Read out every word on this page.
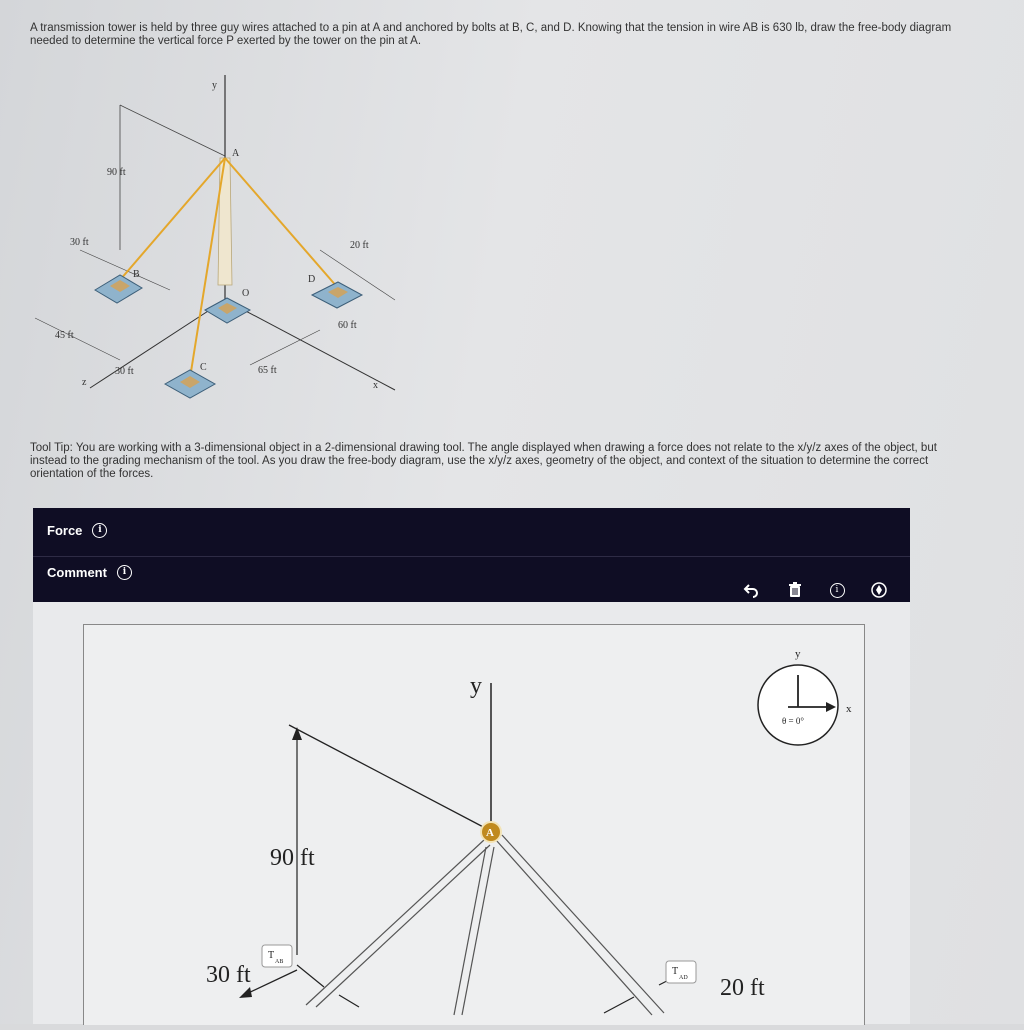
A transmission tower is held by three guy wires attached to a pin at A and anchored by bolts at B, C, and D. Knowing that the tension in wire AB is 630 lb, draw the free-body diagram needed to determine the vertical force P exerted by the tower on the pin at A.
y
x
z
90 ft
30 ft	20 ft
60 ft
45 ft
30 ft	65 ft
A
B
O
D
C
Tool Tip: You are working with a 3-dimensional object in a 2-dimensional drawing tool. The angle displayed when drawing a force does not relate to the x/y/z axes of the object, but instead to the grading mechanism of the tool. As you draw the free-body diagram, use the x/y/z axes, geometry of the object, and context of the situation to determine the correct orientation of the forces.
Force	i
Comment	i
i
y
90 ft
30 ft
A
T
AB
T
AD 20 ft
y
x
θ = 0°
